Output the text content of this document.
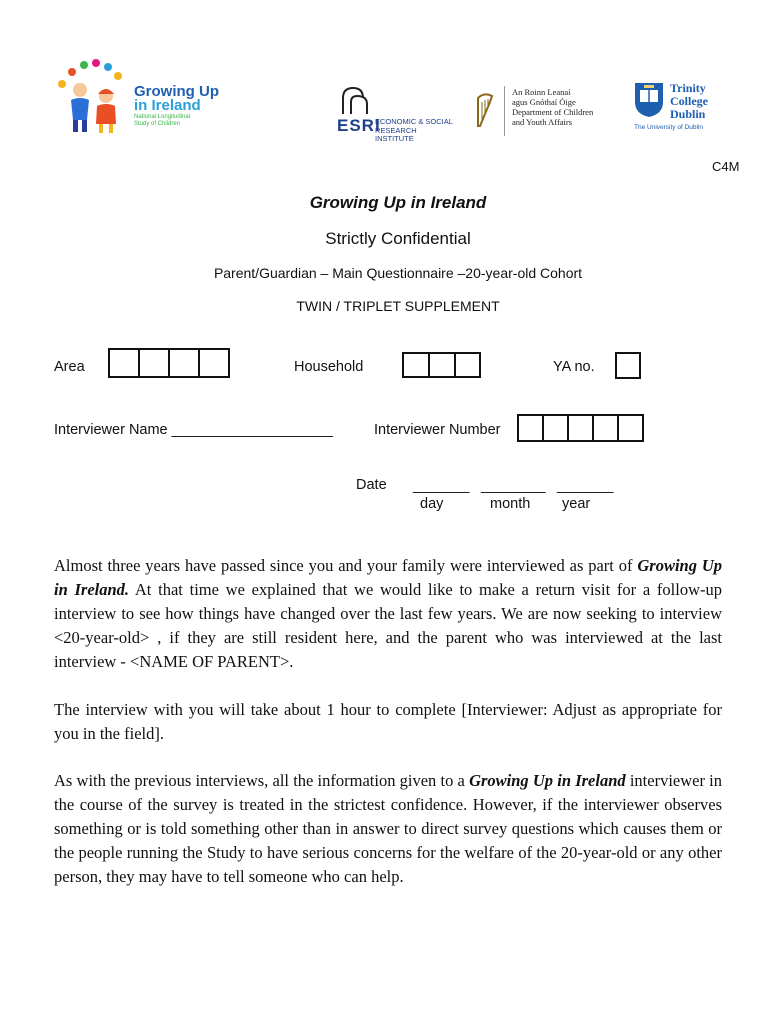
Growing Up
in Ireland
National Longitudinal
Study of Children	ESRI
ECONOMIC & SOCIAL
RESEARCH INSTITUTE
An Roinn Leanaí
agus Gnóthaí Óige
Department of Children
and Youth Affairs
Trinity
College
Dublin
The University of Dublin
C4M
Growing Up in Ireland
Strictly Confidential
Parent/Guardian – Main Questionnaire –20-year-old Cohort
TWIN / TRIPLET SUPPLEMENT
Area	Household	YA no.
Interviewer Name ____________________	Interviewer Number
Date _______ ________ _______
day	month year
Almost three years have passed since you and your family were interviewed as part of Growing Up in Ireland. At that time we explained that we would like to make a return visit for a follow-up interview to see how things have changed over the last few years. We are now seeking to interview <20-year-old> , if they are still resident here, and the parent who was interviewed at the last interview - <NAME OF PARENT>.
The interview with you will take about 1 hour to complete [Interviewer: Adjust as appropriate for you in the field].
As with the previous interviews, all the information given to a Growing Up in Ireland interviewer in the course of the survey is treated in the strictest confidence. However, if the interviewer observes something or is told something other than in answer to direct survey questions which causes them or the people running the Study to have serious concerns for the welfare of the 20-year-old or any other person, they may have to tell someone who can help.
